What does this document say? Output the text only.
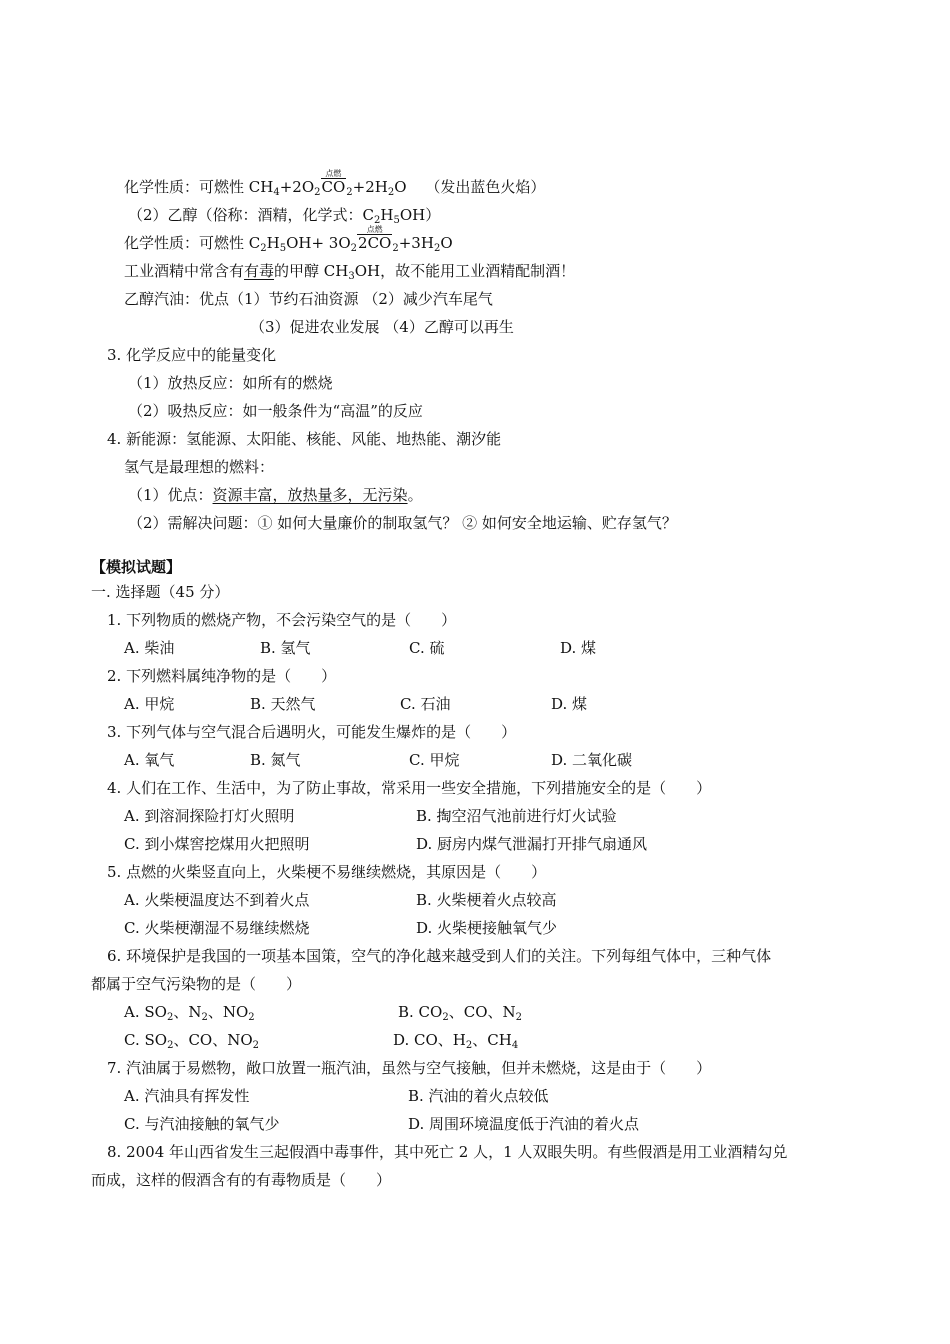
化学性质：可燃性 $CH_4+2O_2$
点燃
$CO_2+2H_2O$ （发出蓝色火焰）
（2）乙醇（俗称：酒精，化学式：$C_2H_5OH$）
化学性质：可燃性 $C_2H_5OH+ 3O_2$
点燃
$2CO_2+3H_2O$
工业酒精中常含有有毒的甲醇 $CH_3OH$，故不能用工业酒精配制酒！
乙醇汽油：优点（1）节约石油资源 （2）减少汽车尾气
（3）促进农业发展 （4）乙醇可以再生
3. 化学反应中的能量变化
（1）放热反应：如所有的燃烧
（2）吸热反应：如一般条件为“高温”的反应
4. 新能源：氢能源、太阳能、核能、风能、地热能、潮汐能
氢气是最理想的燃料：
（1）优点：资源丰富，放热量多，无污染。
（2）需解决问题：① 如何大量廉价的制取氢气？ ② 如何安全地运输、贮存氢气？
【模拟试题】
一. 选择题（45 分）
1. 下列物质的燃烧产物，不会污染空气的是（　　）
A. 柴油	B. 氢气	C. 硫	D. 煤
2. 下列燃料属纯净物的是（　　）
A. 甲烷	B. 天然气	C. 石油	D. 煤
3. 下列气体与空气混合后遇明火，可能发生爆炸的是（　　）
A. 氧气	B. 氮气	C. 甲烷	D. 二氧化碳
4. 人们在工作、生活中，为了防止事故，常采用一些安全措施，下列措施安全的是（　　）
A. 到溶洞探险打灯火照明	B. 掏空沼气池前进行灯火试验
C. 到小煤窖挖煤用火把照明	D. 厨房内煤气泄漏打开排气扇通风
5. 点燃的火柴竖直向上，火柴梗不易继续燃烧，其原因是（　　）
A. 火柴梗温度达不到着火点	B. 火柴梗着火点较高
C. 火柴梗潮湿不易继续燃烧	D. 火柴梗接触氧气少
6. 环境保护是我国的一项基本国策，空气的净化越来越受到人们的关注。下列每组气体中，三种气体
都属于空气污染物的是（　　）
A. $SO_2$、$N_2$、$NO_2$	B. $CO_2$、CO、$N_2$
C. $SO_2$、CO、$NO_2$	D. CO、$H_2$、$CH_4$
7. 汽油属于易燃物，敞口放置一瓶汽油，虽然与空气接触，但并未燃烧，这是由于（　　）
A. 汽油具有挥发性	B. 汽油的着火点较低
C. 与汽油接触的氧气少	D. 周围环境温度低于汽油的着火点
8. 2004 年山西省发生三起假酒中毒事件，其中死亡 2 人，1 人双眼失明。有些假酒是用工业酒精勾兑
而成，这样的假酒含有的有毒物质是（　　）
